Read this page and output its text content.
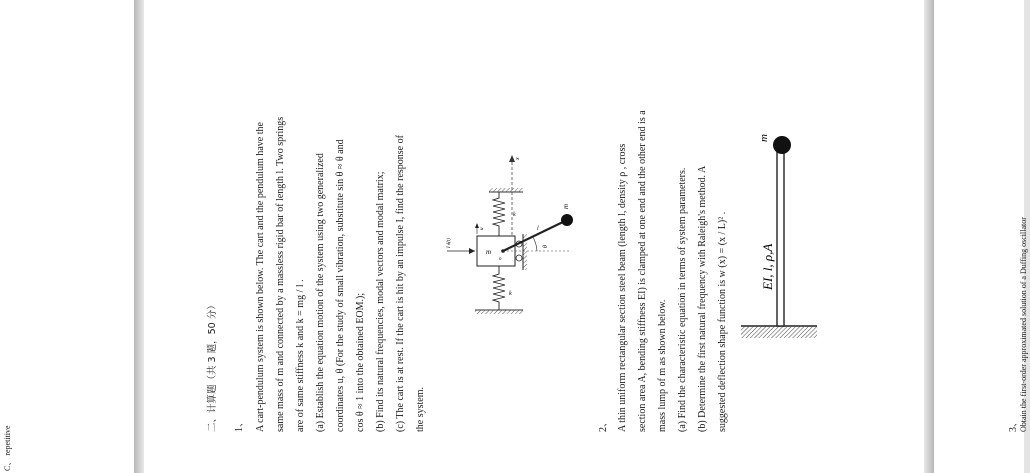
C、 repetitive
二、计算题（共 3 题，50 分） 1、 A cart-pendulum system is shown below. The cart and the pendulum have the same mass of m and connected by a massless rigid bar of length l. Two springs are of same stiffness k and k = mg / l . (a) Establish the equation motion of the system using two generalized coordinates u, θ (For the study of small vibration, substitute sin θ ≈ θ and cos θ ≈ 1 into the obtained EOM.); (b) Find its natural frequencies, modal vectors and modal matrix; (c) The cart is at rest. If the cart is hit by an impulse I, find the response of the system.
x
k
m
k
o
m
l
θ
I δ(t)
u
2、 A thin uniform rectangular section steel beam (length l, density ρ , cross section area A, bending stiffness EI) is clamped at one end and the other end is a mass lump of m as shown below. (a) Find the characteristic equation in terms of system parameters. (b) Determine the first natural frequency with Raleigh's method. A suggested deflection shape function is w (x) = (x / L)² .
m
EI, l, ρ,A
3、 Obtain the first-order approximated solution of a Duffing oscillator
